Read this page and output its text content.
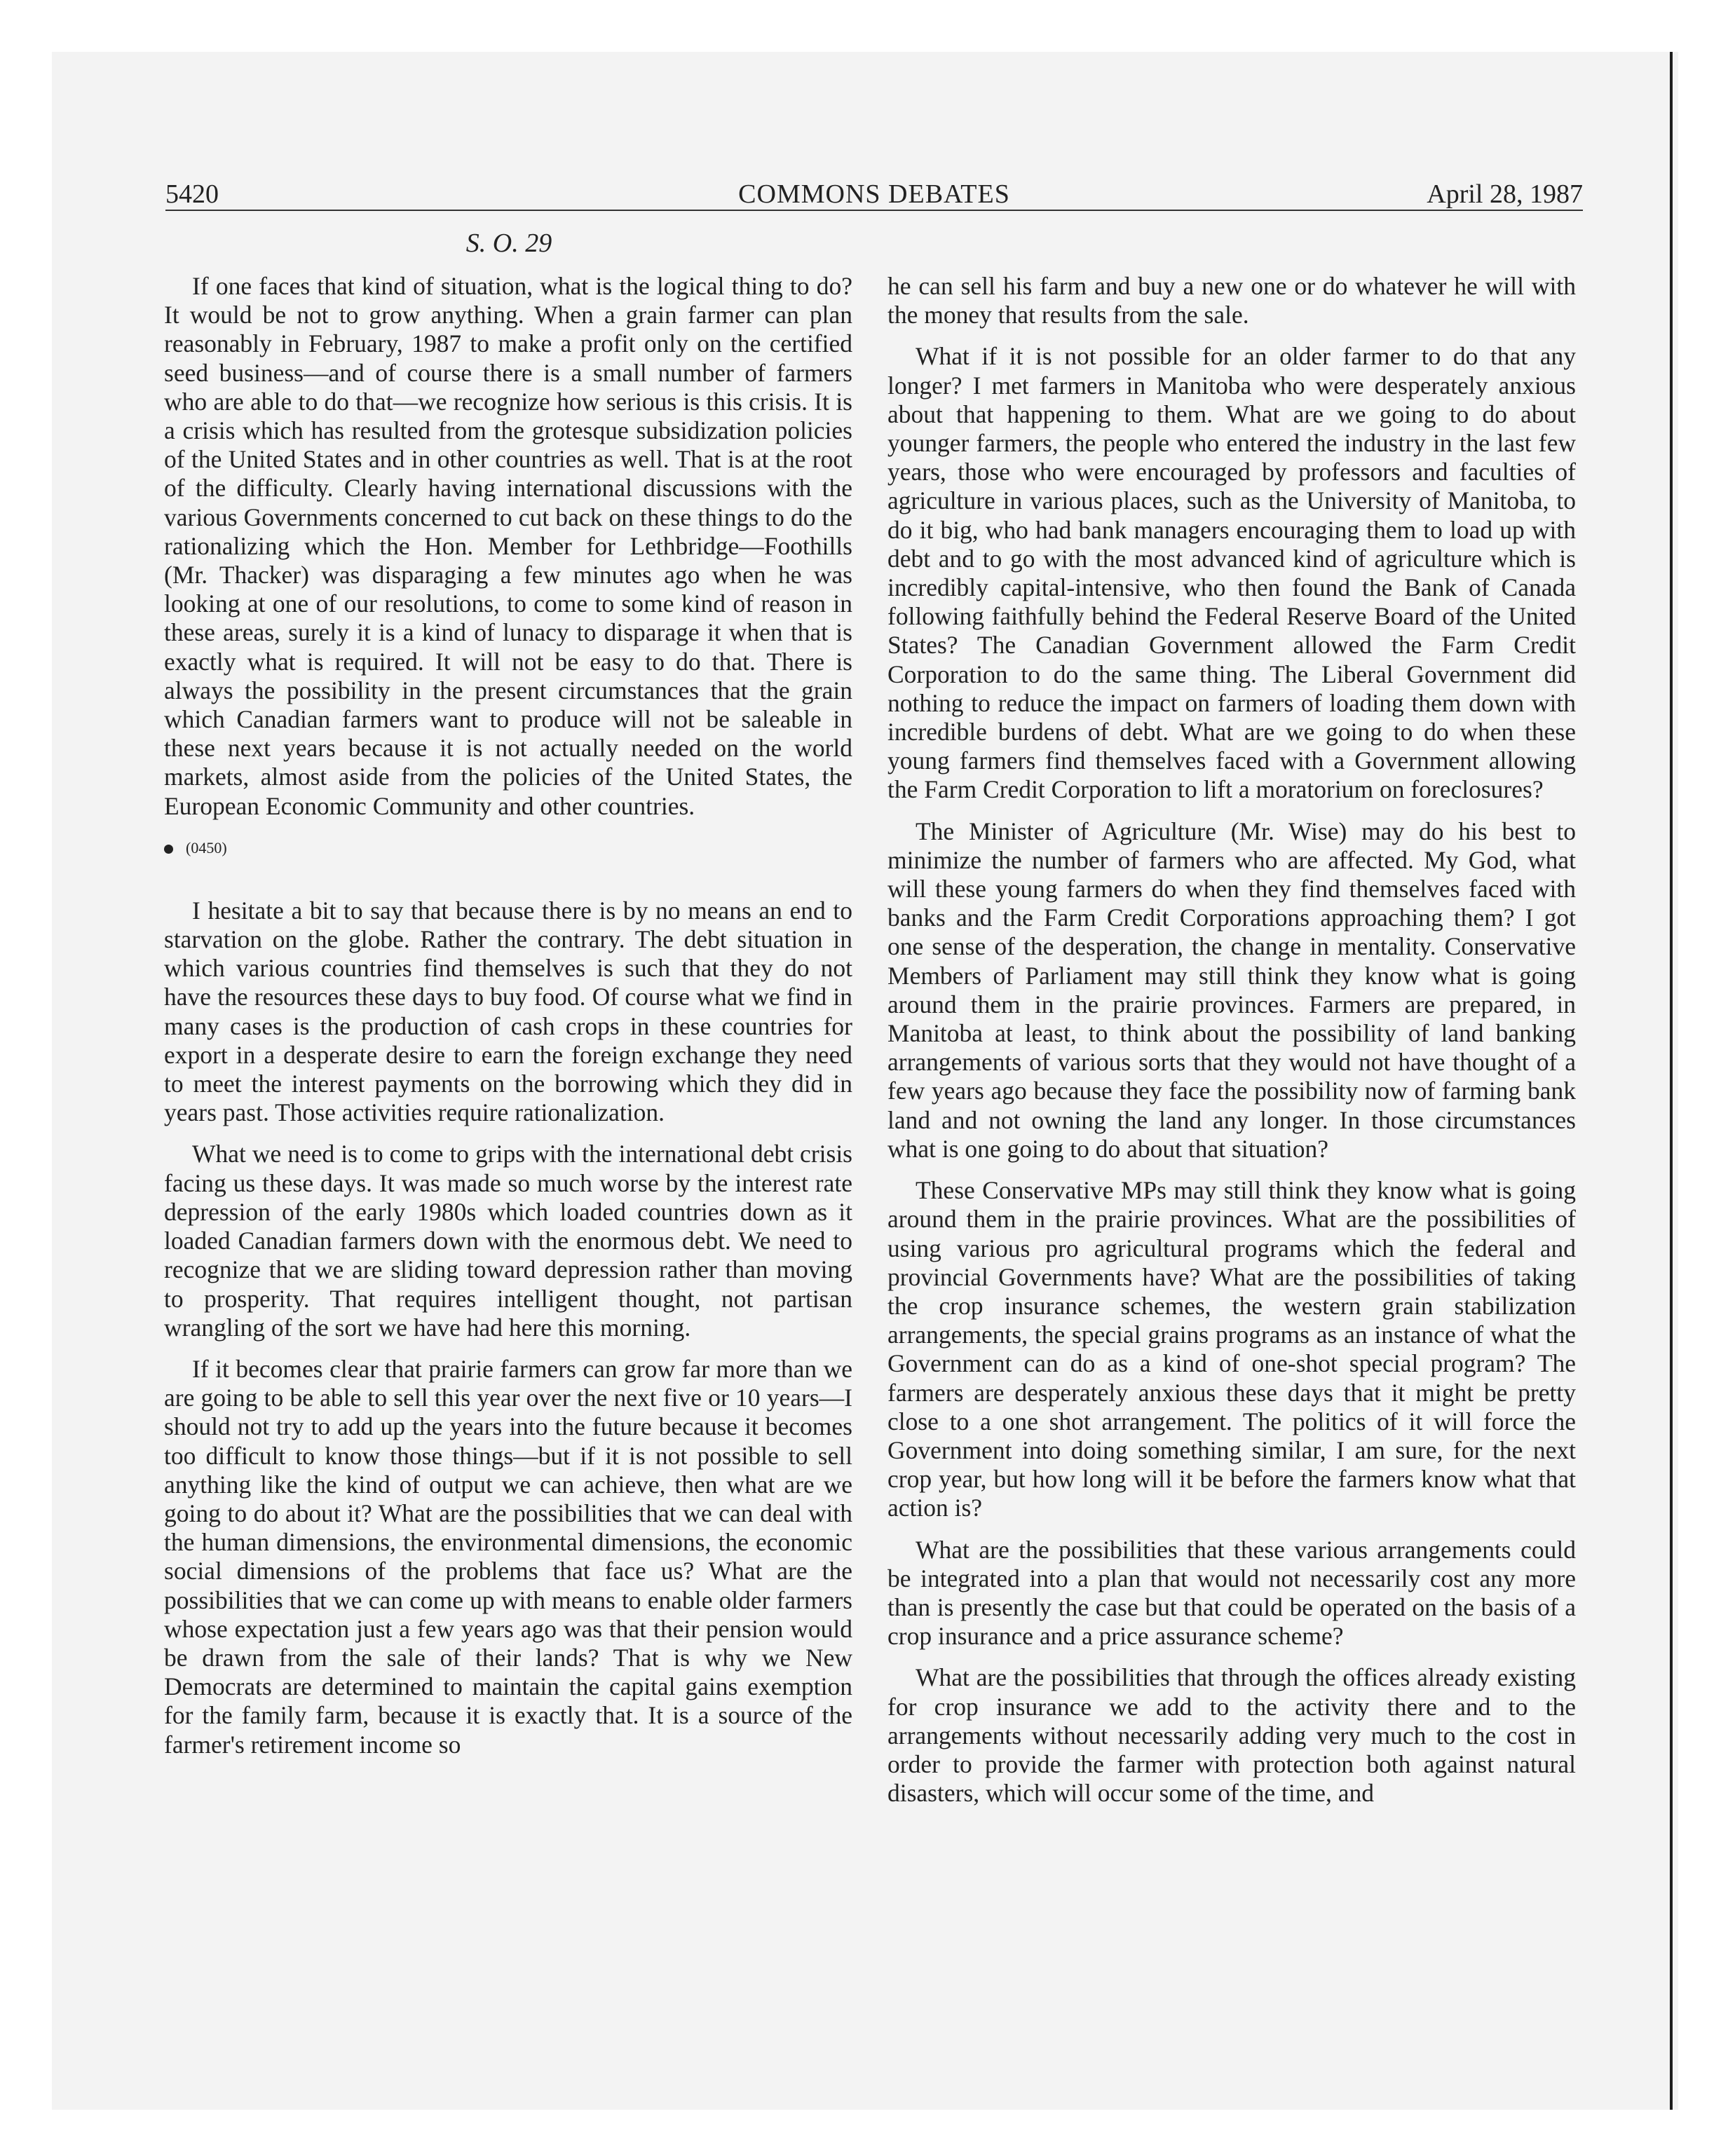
5420	COMMONS DEBATES	April 28, 1987
S. O. 29

If one faces that kind of situation, what is the logical thing to do? It would be not to grow anything. When a grain farmer can plan reasonably in February, 1987 to make a profit only on the certified seed business—and of course there is a small number of farmers who are able to do that—we recognize how serious is this crisis. It is a crisis which has resulted from the grotesque subsidization policies of the United States and in other countries as well. That is at the root of the difficulty. Clearly having international discussions with the various Governments concerned to cut back on these things to do the rationalizing which the Hon. Member for Lethbridge—Foothills (Mr. Thacker) was disparaging a few minutes ago when he was looking at one of our resolutions, to come to some kind of reason in these areas, surely it is a kind of lunacy to disparage it when that is exactly what is required. It will not be easy to do that. There is always the possibility in the present circumstances that the grain which Canadian farmers want to produce will not be saleable in these next years because it is not actually needed on the world markets, almost aside from the policies of the United States, the European Economic Community and other countries.

(0450)

I hesitate a bit to say that because there is by no means an end to starvation on the globe. Rather the contrary. The debt situation in which various countries find themselves is such that they do not have the resources these days to buy food. Of course what we find in many cases is the production of cash crops in these countries for export in a desperate desire to earn the foreign exchange they need to meet the interest payments on the borrowing which they did in years past. Those activities require rationalization.

What we need is to come to grips with the international debt crisis facing us these days. It was made so much worse by the interest rate depression of the early 1980s which loaded countries down as it loaded Canadian farmers down with the enormous debt. We need to recognize that we are sliding toward depression rather than moving to prosperity. That requires intelligent thought, not partisan wrangling of the sort we have had here this morning.

If it becomes clear that prairie farmers can grow far more than we are going to be able to sell this year over the next five or 10 years—I should not try to add up the years into the future because it becomes too difficult to know those things—but if it is not possible to sell anything like the kind of output we can achieve, then what are we going to do about it? What are the possibilities that we can deal with the human dimensions, the environmental dimensions, the economic social dimensions of the problems that face us? What are the possibilities that we can come up with means to enable older farmers whose expectation just a few years ago was that their pension would be drawn from the sale of their lands? That is why we New Democrats are determined to maintain the capital gains exemption for the family farm, because it is exactly that. It is a source of the farmer's retirement income so

he can sell his farm and buy a new one or do whatever he will with the money that results from the sale.

What if it is not possible for an older farmer to do that any longer? I met farmers in Manitoba who were desperately anxious about that happening to them. What are we going to do about younger farmers, the people who entered the industry in the last few years, those who were encouraged by professors and faculties of agriculture in various places, such as the University of Manitoba, to do it big, who had bank managers encouraging them to load up with debt and to go with the most advanced kind of agriculture which is incredibly capital-intensive, who then found the Bank of Canada following faithfully behind the Federal Reserve Board of the United States? The Canadian Government allowed the Farm Credit Corporation to do the same thing. The Liberal Government did nothing to reduce the impact on farmers of loading them down with incredible burdens of debt. What are we going to do when these young farmers find themselves faced with a Government allowing the Farm Credit Corporation to lift a moratorium on foreclosures?

The Minister of Agriculture (Mr. Wise) may do his best to minimize the number of farmers who are affected. My God, what will these young farmers do when they find themselves faced with banks and the Farm Credit Corporations approaching them? I got one sense of the desperation, the change in mentality. Conservative Members of Parliament may still think they know what is going around them in the prairie provinces. Farmers are prepared, in Manitoba at least, to think about the possibility of land banking arrangements of various sorts that they would not have thought of a few years ago because they face the possibility now of farming bank land and not owning the land any longer. In those circumstances what is one going to do about that situation?

These Conservative MPs may still think they know what is going around them in the prairie provinces. What are the possibilities of using various pro agricultural programs which the federal and provincial Governments have? What are the possibilities of taking the crop insurance schemes, the western grain stabilization arrangements, the special grains programs as an instance of what the Government can do as a kind of one-shot special program? The farmers are desperately anxious these days that it might be pretty close to a one shot arrangement. The politics of it will force the Government into doing something similar, I am sure, for the next crop year, but how long will it be before the farmers know what that action is?

What are the possibilities that these various arrangements could be integrated into a plan that would not necessarily cost any more than is presently the case but that could be operated on the basis of a crop insurance and a price assurance scheme?

What are the possibilities that through the offices already existing for crop insurance we add to the activity there and to the arrangements without necessarily adding very much to the cost in order to provide the farmer with protection both against natural disasters, which will occur some of the time, and
